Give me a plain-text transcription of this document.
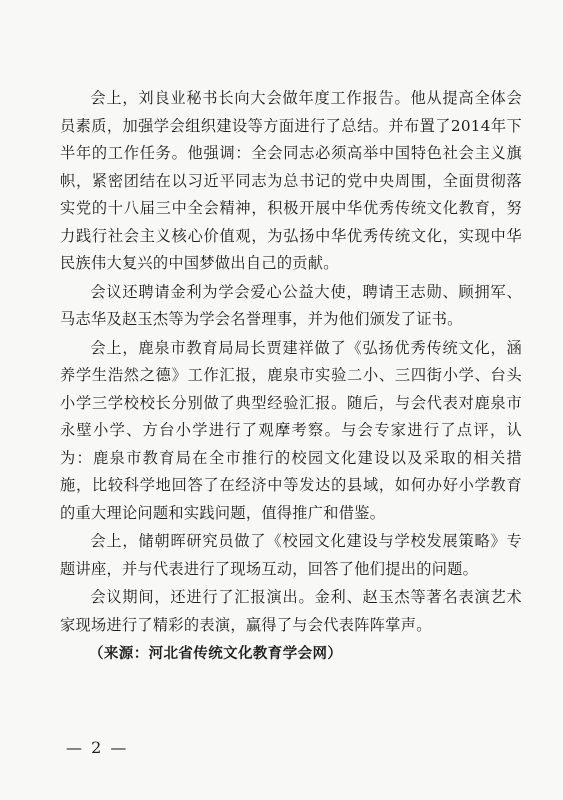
会上，刘良业秘书长向大会做年度工作报告。他从提高全体会员素质，加强学会组织建设等方面进行了总结。并布置了2014年下半年的工作任务。他强调：全会同志必须高举中国特色社会主义旗帜，紧密团结在以习近平同志为总书记的党中央周围，全面贯彻落实党的十八届三中全会精神，积极开展中华优秀传统文化教育，努力践行社会主义核心价值观，为弘扬中华优秀传统文化，实现中华民族伟大复兴的中国梦做出自己的贡献。

会议还聘请金利为学会爱心公益大使，聘请王志勋、顾拥军、马志华及赵玉杰等为学会名誉理事，并为他们颁发了证书。

会上，鹿泉市教育局局长贾建祥做了《弘扬优秀传统文化，涵养学生浩然之德》工作汇报，鹿泉市实验二小、三四街小学、台头小学三学校校长分别做了典型经验汇报。随后，与会代表对鹿泉市永壁小学、方台小学进行了观摩考察。与会专家进行了点评，认为：鹿泉市教育局在全市推行的校园文化建设以及采取的相关措施，比较科学地回答了在经济中等发达的县域，如何办好小学教育的重大理论问题和实践问题，值得推广和借鉴。

会上，储朝晖研究员做了《校园文化建设与学校发展策略》专题讲座，并与代表进行了现场互动，回答了他们提出的问题。

会议期间，还进行了汇报演出。金利、赵玉杰等著名表演艺术家现场进行了精彩的表演，赢得了与会代表阵阵掌声。

（来源：河北省传统文化教育学会网）

— 2 —
